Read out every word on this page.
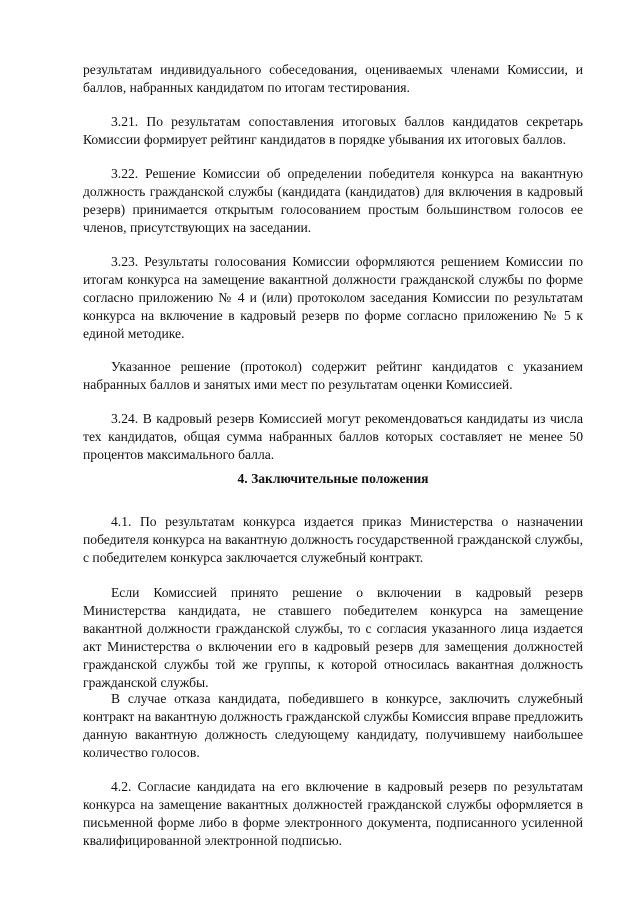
результатам индивидуального собеседования, оцениваемых членами Комиссии, и баллов, набранных кандидатом по итогам тестирования.

3.21. По результатам сопоставления итоговых баллов кандидатов секретарь Комиссии формирует рейтинг кандидатов в порядке убывания их итоговых баллов.

3.22. Решение Комиссии об определении победителя конкурса на вакантную должность гражданской службы (кандидата (кандидатов) для включения в кадровый резерв) принимается открытым голосованием простым большинством голосов ее членов, присутствующих на заседании.

3.23. Результаты голосования Комиссии оформляются решением Комиссии по итогам конкурса на замещение вакантной должности гражданской службы по форме согласно приложению № 4 и (или) протоколом заседания Комиссии по результатам конкурса на включение в кадровый резерв по форме согласно приложению № 5 к единой методике.

Указанное решение (протокол) содержит рейтинг кандидатов с указанием набранных баллов и занятых ими мест по результатам оценки Комиссией.

3.24. В кадровый резерв Комиссией могут рекомендоваться кандидаты из числа тех кандидатов, общая сумма набранных баллов которых составляет не менее 50 процентов максимального балла.

4. Заключительные положения

4.1. По результатам конкурса издается приказ Министерства о назначении победителя конкурса на вакантную должность государственной гражданской службы, с победителем конкурса заключается служебный контракт.

Если Комиссией принято решение о включении в кадровый резерв Министерства кандидата, не ставшего победителем конкурса на замещение вакантной должности гражданской службы, то с согласия указанного лица издается акт Министерства о включении его в кадровый резерв для замещения должностей гражданской службы той же группы, к которой относилась вакантная должность гражданской службы.

В случае отказа кандидата, победившего в конкурсе, заключить служебный контракт на вакантную должность гражданской службы Комиссия вправе предложить данную вакантную должность следующему кандидату, получившему наибольшее количество голосов.

4.2. Согласие кандидата на его включение в кадровый резерв по результатам конкурса на замещение вакантных должностей гражданской службы оформляется в письменной форме либо в форме электронного документа, подписанного усиленной квалифицированной электронной подписью.
